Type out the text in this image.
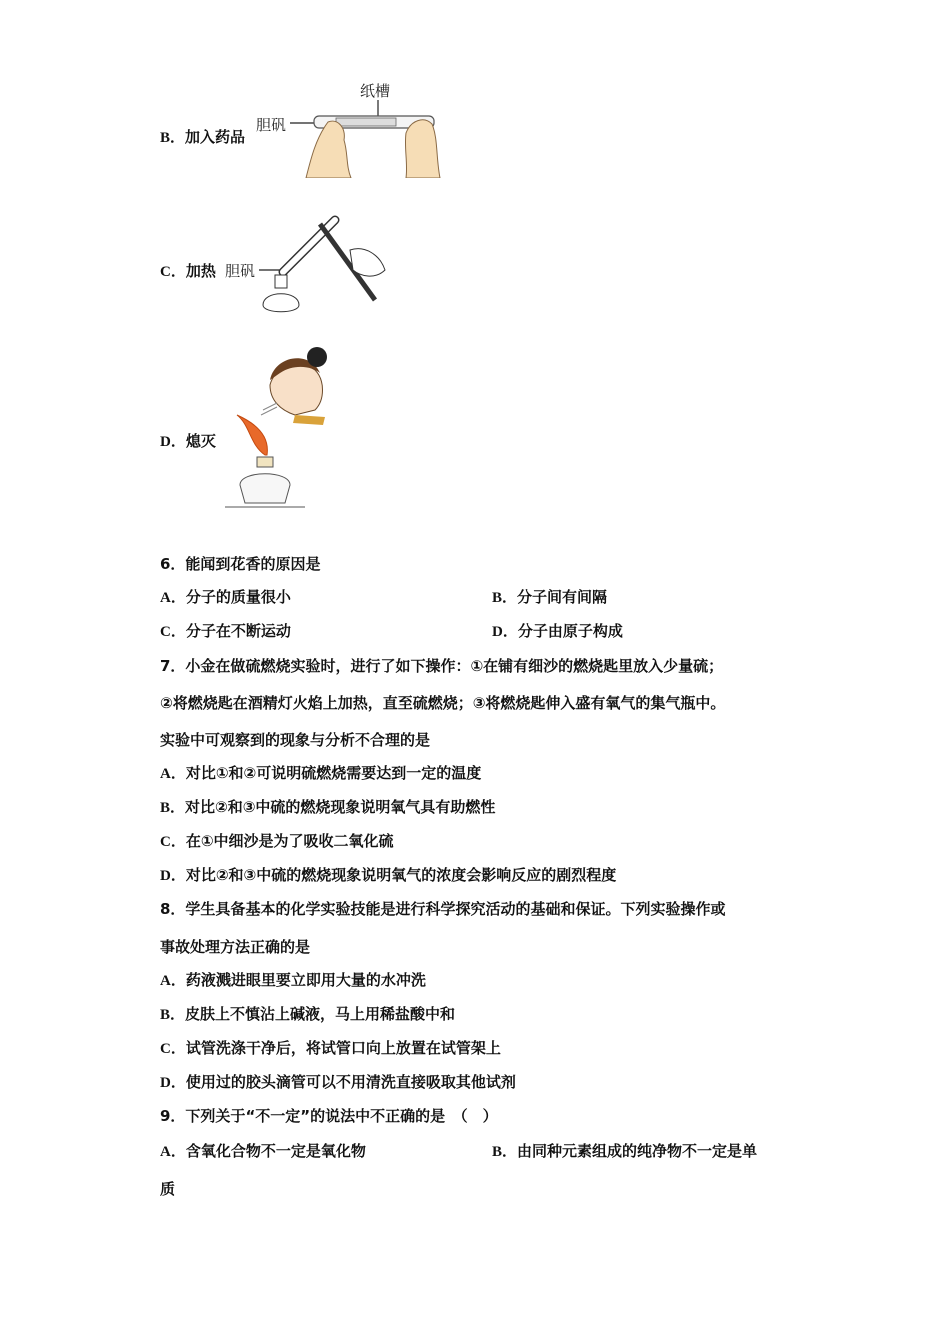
B．加入药品
纸槽
胆矾
C．加热 胆矾
D．熄灭
6．能闻到花香的原因是
A．分子的质量很小	B．分子间有间隔
C．分子在不断运动	D．分子由原子构成
7．小金在做硫燃烧实验时，进行了如下操作：①在铺有细沙的燃烧匙里放入少量硫；
②将燃烧匙在酒精灯火焰上加热，直至硫燃烧；③将燃烧匙伸入盛有氧气的集气瓶中。
实验中可观察到的现象与分析不合理的是
A．对比①和②可说明硫燃烧需要达到一定的温度
B．对比②和③中硫的燃烧现象说明氧气具有助燃性
C．在①中细沙是为了吸收二氧化硫
D．对比②和③中硫的燃烧现象说明氧气的浓度会影响反应的剧烈程度
8．学生具备基本的化学实验技能是进行科学探究活动的基础和保证。下列实验操作或
事故处理方法正确的是
A．药液溅进眼里要立即用大量的水冲洗
B．皮肤上不慎沾上碱液，马上用稀盐酸中和
C．试管洗涤干净后，将试管口向上放置在试管架上
D．使用过的胶头滴管可以不用清洗直接吸取其他试剂
9．下列关于“不一定”的说法中不正确的是　（　）
A．含氧化合物不一定是氧化物	B．由同种元素组成的纯净物不一定是单
质
